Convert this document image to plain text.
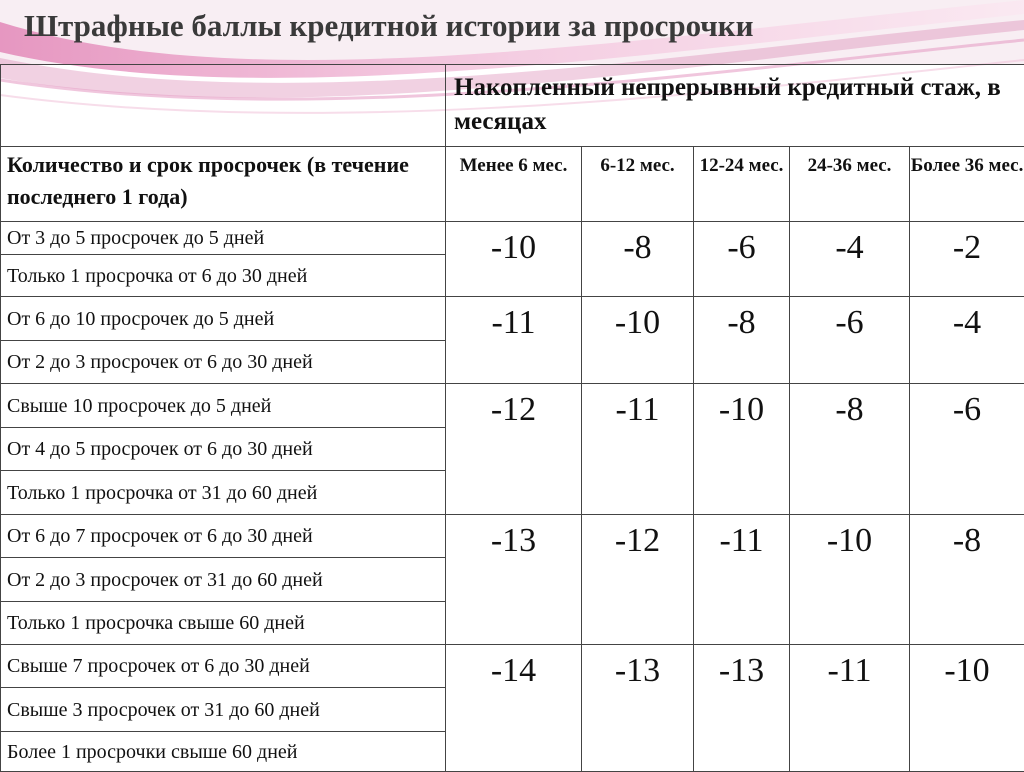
Штрафные баллы кредитной истории за просрочки
	Накопленный непрерывный кредитный стаж, в месяцах				
Количество и срок просрочек (в течение последнего 1 года)	Менее 6 мес.	6-12 мес.	12-24 мес.	24-36 мес.	Более 36 мес.
От 3 до 5 просрочек до 5 дней	-10	-8	-6	-4	-2
Только 1 просрочка от 6 до 30 дней					
От 6 до 10 просрочек до 5 дней	-11	-10	-8	-6	-4
От 2 до 3 просрочек от 6 до 30 дней					
Свыше 10 просрочек до 5 дней	-12	-11	-10	-8	-6
От 4 до 5 просрочек от 6 до 30 дней					
Только 1 просрочка от 31 до 60 дней					
От 6 до 7 просрочек от 6 до 30 дней	-13	-12	-11	-10	-8
От 2 до 3 просрочек от 31 до 60 дней					
Только 1 просрочка свыше 60 дней					
Свыше 7 просрочек от 6 до 30 дней	-14	-13	-13	-11	-10
Свыше 3 просрочек от 31 до 60 дней					
Более 1 просрочки свыше 60 дней					
